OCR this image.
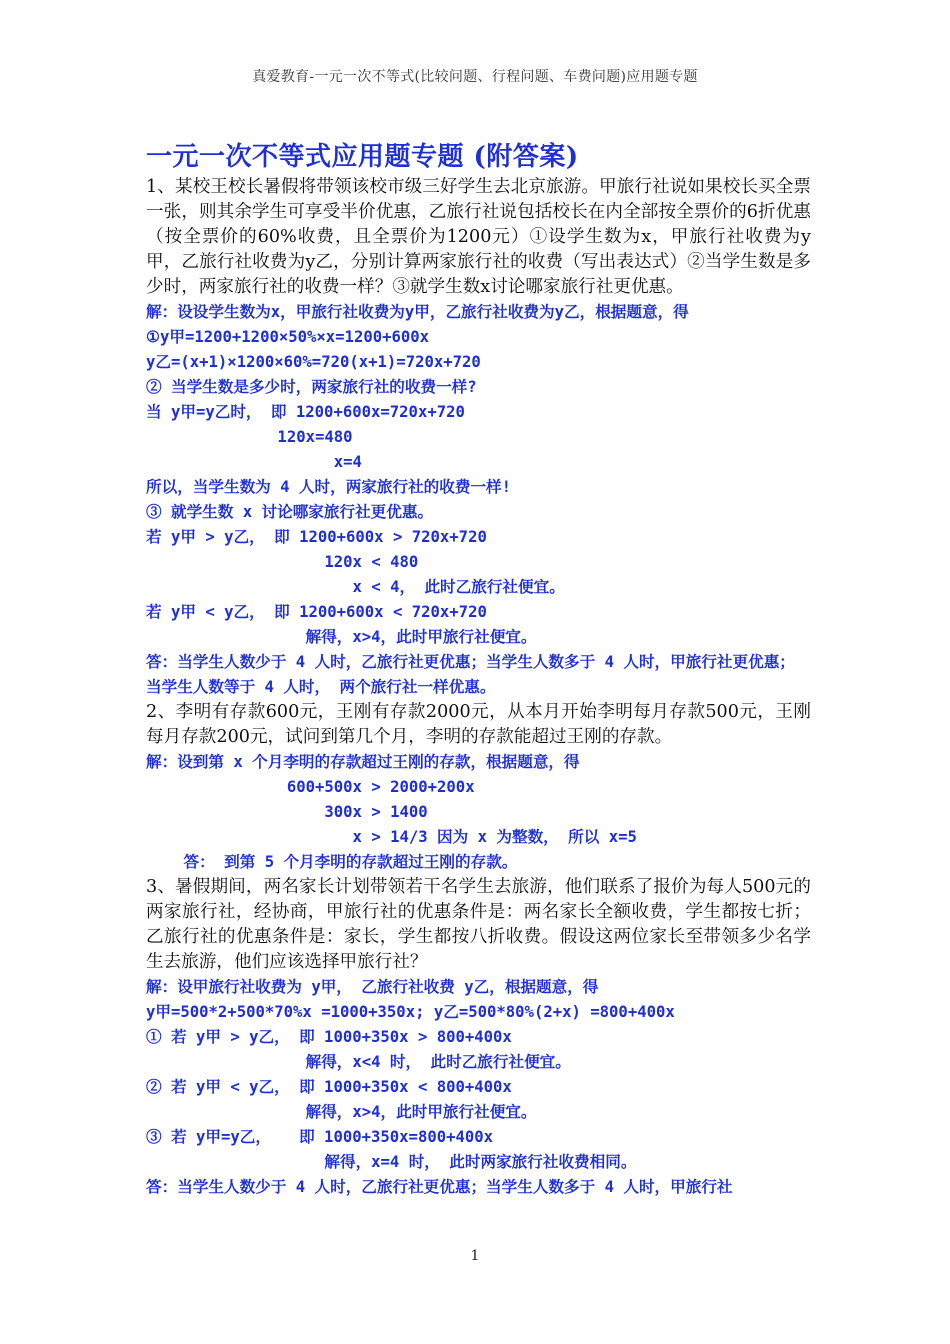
真爱教育-一元一次不等式(比较问题、行程问题、车费问题)应用题专题
一元一次不等式应用题专题 (附答案)

1、某校王校长暑假将带领该校市级三好学生去北京旅游。甲旅行社说如果校长买全票一张，则其余学生可享受半价优惠，乙旅行社说包括校长在内全部按全票价的6折优惠（按全票价的60%收费，且全票价为1200元）①设学生数为x，甲旅行社收费为y甲，乙旅行社收费为y乙，分别计算两家旅行社的收费（写出表达式）②当学生数是多少时，两家旅行社的收费一样？③就学生数x讨论哪家旅行社更优惠。

解：设设学生数为x，甲旅行社收费为y甲，乙旅行社收费为y乙，根据题意，得

①y甲=1200+1200×50%×x=1200+600x

y乙=(x+1)×1200×60%=720(x+1)=720x+720

② 当学生数是多少时，两家旅行社的收费一样?

当 y甲=y乙时， 即 1200+600x=720x+720

120x=480

x=4

所以，当学生数为 4 人时，两家旅行社的收费一样!

③ 就学生数 x 讨论哪家旅行社更优惠。

若 y甲 > y乙， 即 1200+600x > 720x+720

120x < 480

x < 4， 此时乙旅行社便宜。

若 y甲 < y乙， 即 1200+600x < 720x+720

解得，x>4，此时甲旅行社便宜。

答：当学生人数少于 4 人时，乙旅行社更优惠；当学生人数多于 4 人时，甲旅行社更优惠； 当学生人数等于 4 人时， 两个旅行社一样优惠。

2、李明有存款600元，王刚有存款2000元，从本月开始李明每月存款500元，王刚每月存款200元，试问到第几个月，李明的存款能超过王刚的存款。

解：设到第 x 个月李明的存款超过王刚的存款，根据题意，得

600+500x > 2000+200x

300x > 1400

x > 14/3 因为 x 为整数， 所以 x=5

答： 到第 5 个月李明的存款超过王刚的存款。

3、暑假期间，两名家长计划带领若干名学生去旅游，他们联系了报价为每人500元的两家旅行社，经协商，甲旅行社的优惠条件是：两名家长全额收费，学生都按七折；乙旅行社的优惠条件是：家长，学生都按八折收费。假设这两位家长至带领多少名学生去旅游，他们应该选择甲旅行社？

解：设甲旅行社收费为 y甲， 乙旅行社收费 y乙，根据题意，得

y甲=500*2+500*70%x =1000+350x; y乙=500*80%(2+x) =800+400x

① 若 y甲 > y乙， 即 1000+350x > 800+400x

解得，x<4 时， 此时乙旅行社便宜。

② 若 y甲 < y乙， 即 1000+350x < 800+400x

解得，x>4，此时甲旅行社便宜。

③ 若 y甲=y乙，   即 1000+350x=800+400x

解得，x=4 时， 此时两家旅行社收费相同。

答：当学生人数少于 4 人时，乙旅行社更优惠；当学生人数多于 4 人时，甲旅行社

1
